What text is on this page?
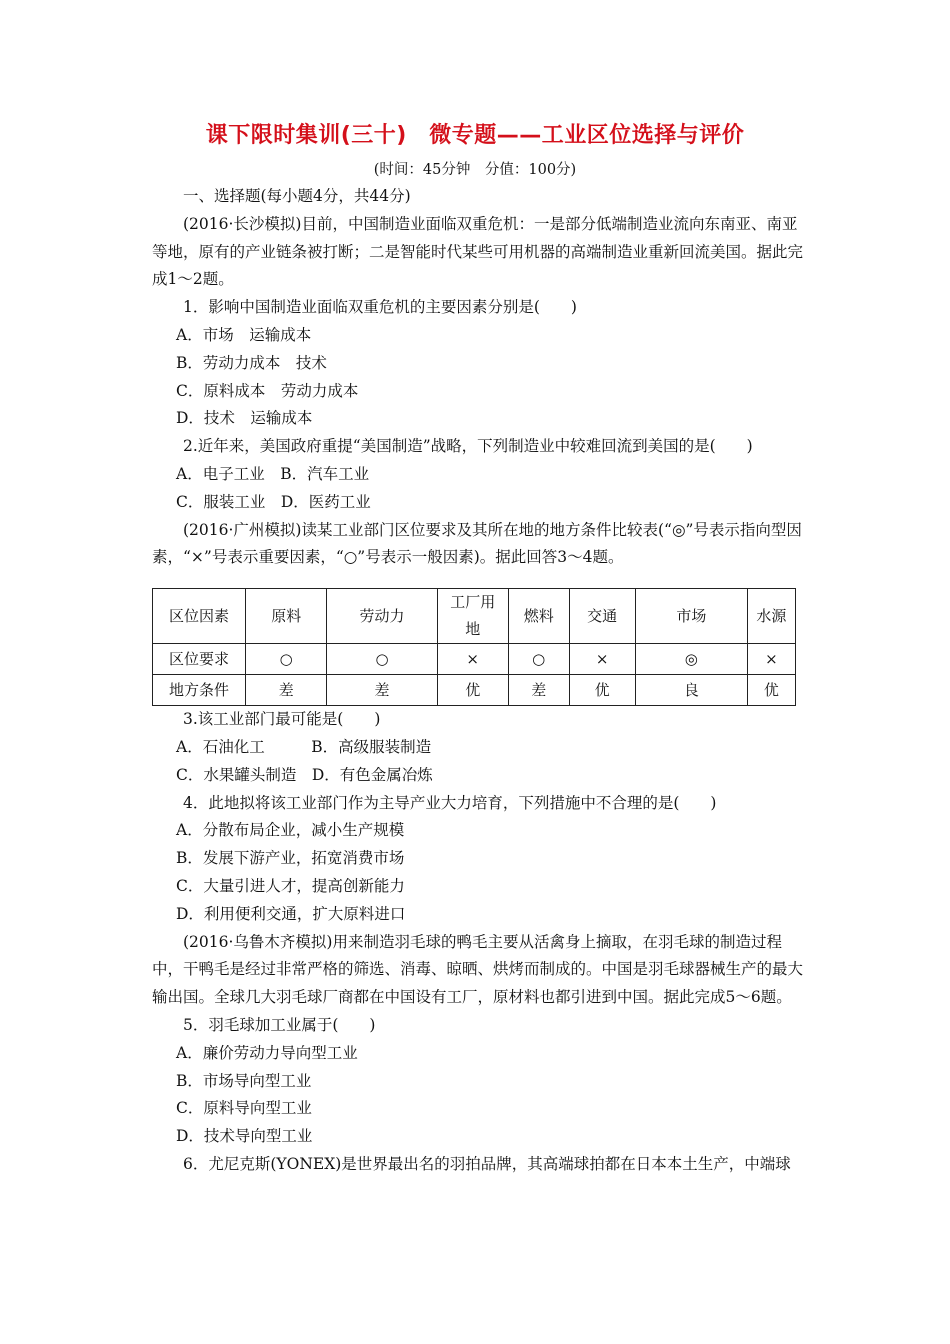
课下限时集训(三十)　微专题——工业区位选择与评价
(时间：45分钟　分值：100分)

一、选择题(每小题4分，共44分)

(2016·长沙模拟)目前，中国制造业面临双重危机：一是部分低端制造业流向东南亚、南亚等地，原有的产业链条被打断；二是智能时代某些可用机器的高端制造业重新回流美国。据此完成1～2题。

1．影响中国制造业面临双重危机的主要因素分别是(　　)

A．市场　运输成本

B．劳动力成本　技术

C．原料成本　劳动力成本

D．技术　运输成本

2.近年来，美国政府重提“美国制造”战略，下列制造业中较难回流到美国的是(　　)

A．电子工业　B．汽车工业

C．服装工业　D．医药工业

(2016·广州模拟)读某工业部门区位要求及其所在地的地方条件比较表(“◎”号表示指向型因素，“×”号表示重要因素，“○”号表示一般因素)。据此回答3～4题。

区位因素	原料	劳动力	工厂用地	燃料	交通	市场	水源
区位要求	○	○	×	○	×	◎	×
地方条件	差	差	优	差	优	良	优

3.该工业部门最可能是(　　)

A．石油化工　　　B．高级服装制造

C．水果罐头制造　D．有色金属冶炼

4．此地拟将该工业部门作为主导产业大力培育，下列措施中不合理的是(　　)

A．分散布局企业，减小生产规模

B．发展下游产业，拓宽消费市场

C．大量引进人才，提高创新能力

D．利用便利交通，扩大原料进口

(2016·乌鲁木齐模拟)用来制造羽毛球的鸭毛主要从活禽身上摘取，在羽毛球的制造过程中，干鸭毛是经过非常严格的筛选、消毒、晾晒、烘烤而制成的。中国是羽毛球器械生产的最大输出国。全球几大羽毛球厂商都在中国设有工厂，原材料也都引进到中国。据此完成5～6题。

5．羽毛球加工业属于(　　)

A．廉价劳动力导向型工业

B．市场导向型工业

C．原料导向型工业

D．技术导向型工业

6．尤尼克斯(YONEX)是世界最出名的羽拍品牌，其高端球拍都在日本本土生产，中端球
